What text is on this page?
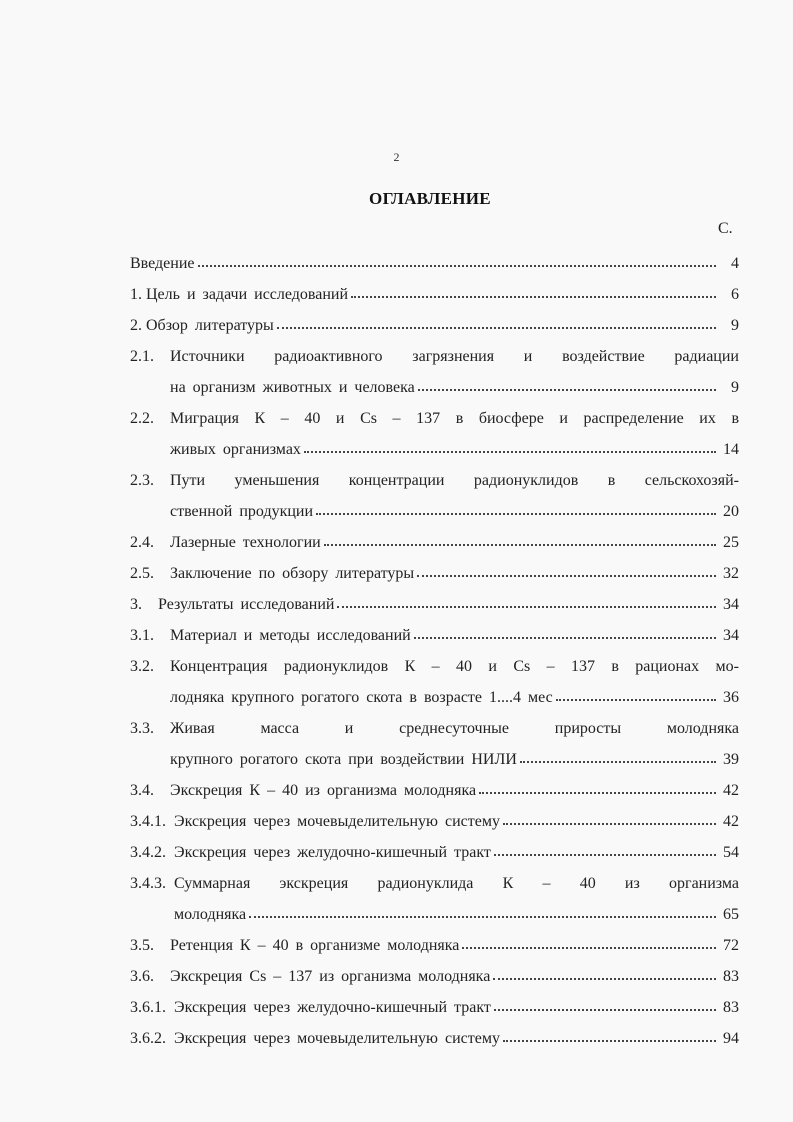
2
ОГЛАВЛЕНИЕ
С.
Введение	4
1. Цель и задачи исследований	6
2. Обзор литературы	9
2.1.	Источники радиоактивного загрязнения и воздействие радиации
на организм животных и человека	9
2.2.	Миграция К – 40 и Cs – 137 в биосфере и распределение их в
живых организмах	14
2.3.	Пути уменьшения концентрации радионуклидов в сельскохозяй-
ственной продукции	20
2.4.	Лазерные технологии	25
2.5.	Заключение по обзору литературы	32
3.	Результаты исследований	34
3.1.	Материал и методы исследований	34
3.2.	Концентрация радионуклидов К – 40 и Cs – 137 в рационах мо-
лодняка крупного рогатого скота в возрасте 1....4 мес	36
3.3.	Живая масса и среднесуточные приросты молодняка
крупного рогатого скота при воздействии НИЛИ	39
3.4.	Экскреция К – 40 из организма молодняка	42
3.4.1. Экскреция через мочевыделительную систему	42
3.4.2. Экскреция через желудочно-кишечный тракт	54
3.4.3. Суммарная экскреция радионуклида К – 40 из организма
молодняка	65
3.5.	Ретенция К – 40 в организме молодняка	72
3.6.	Экскреция Cs – 137 из организма молодняка	83
3.6.1. Экскреция через желудочно-кишечный тракт	83
3.6.2. Экскреция через мочевыделительную систему	94
